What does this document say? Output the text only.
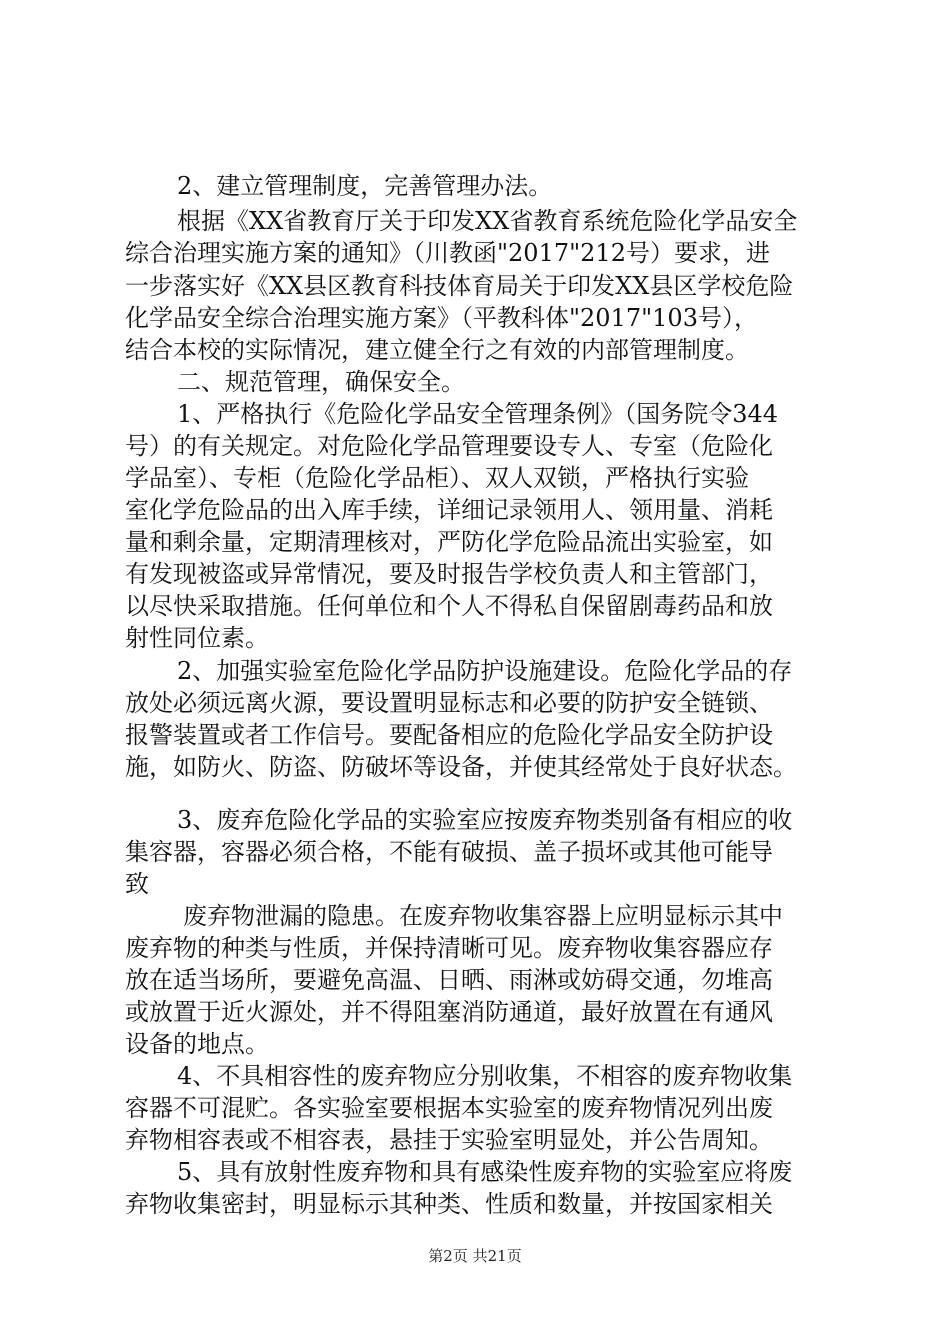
2、建立管理制度，完善管理办法。

根据《XX省教育厅关于印发XX省教育系统危险化学品安全

综合治理实施方案的通知》（川教函"2017"212号）要求，进

一步落实好《XX县区教育科技体育局关于印发XX县区学校危险

化学品安全综合治理实施方案》（平教科体"2017"103号），

结合本校的实际情况，建立健全行之有效的内部管理制度。

二、规范管理，确保安全。

1、严格执行《危险化学品安全管理条例》（国务院令344

号）的有关规定。对危险化学品管理要设专人、专室（危险化

学品室）、专柜（危险化学品柜）、双人双锁，严格执行实验

室化学危险品的出入库手续，详细记录领用人、领用量、消耗

量和剩余量，定期清理核对，严防化学危险品流出实验室，如

有发现被盗或异常情况，要及时报告学校负责人和主管部门，

以尽快采取措施。任何单位和个人不得私自保留剧毒药品和放

射性同位素。

2、加强实验室危险化学品防护设施建设。危险化学品的存

放处必须远离火源，要设置明显标志和必要的防护安全链锁、

报警装置或者工作信号。要配备相应的危险化学品安全防护设

施，如防火、防盗、防破坏等设备，并使其经常处于良好状态。

3、废弃危险化学品的实验室应按废弃物类别备有相应的收

集容器，容器必须合格，不能有破损、盖子损坏或其他可能导

致

废弃物泄漏的隐患。在废弃物收集容器上应明显标示其中

废弃物的种类与性质，并保持清晰可见。废弃物收集容器应存

放在适当场所，要避免高温、日晒、雨淋或妨碍交通，勿堆高

或放置于近火源处，并不得阻塞消防通道，最好放置在有通风

设备的地点。

4、不具相容性的废弃物应分别收集，不相容的废弃物收集

容器不可混贮。各实验室要根据本实验室的废弃物情况列出废

弃物相容表或不相容表，悬挂于实验室明显处，并公告周知。

5、具有放射性废弃物和具有感染性废弃物的实验室应将废

弃物收集密封，明显标示其种类、性质和数量，并按国家相关

第2页 共21页
